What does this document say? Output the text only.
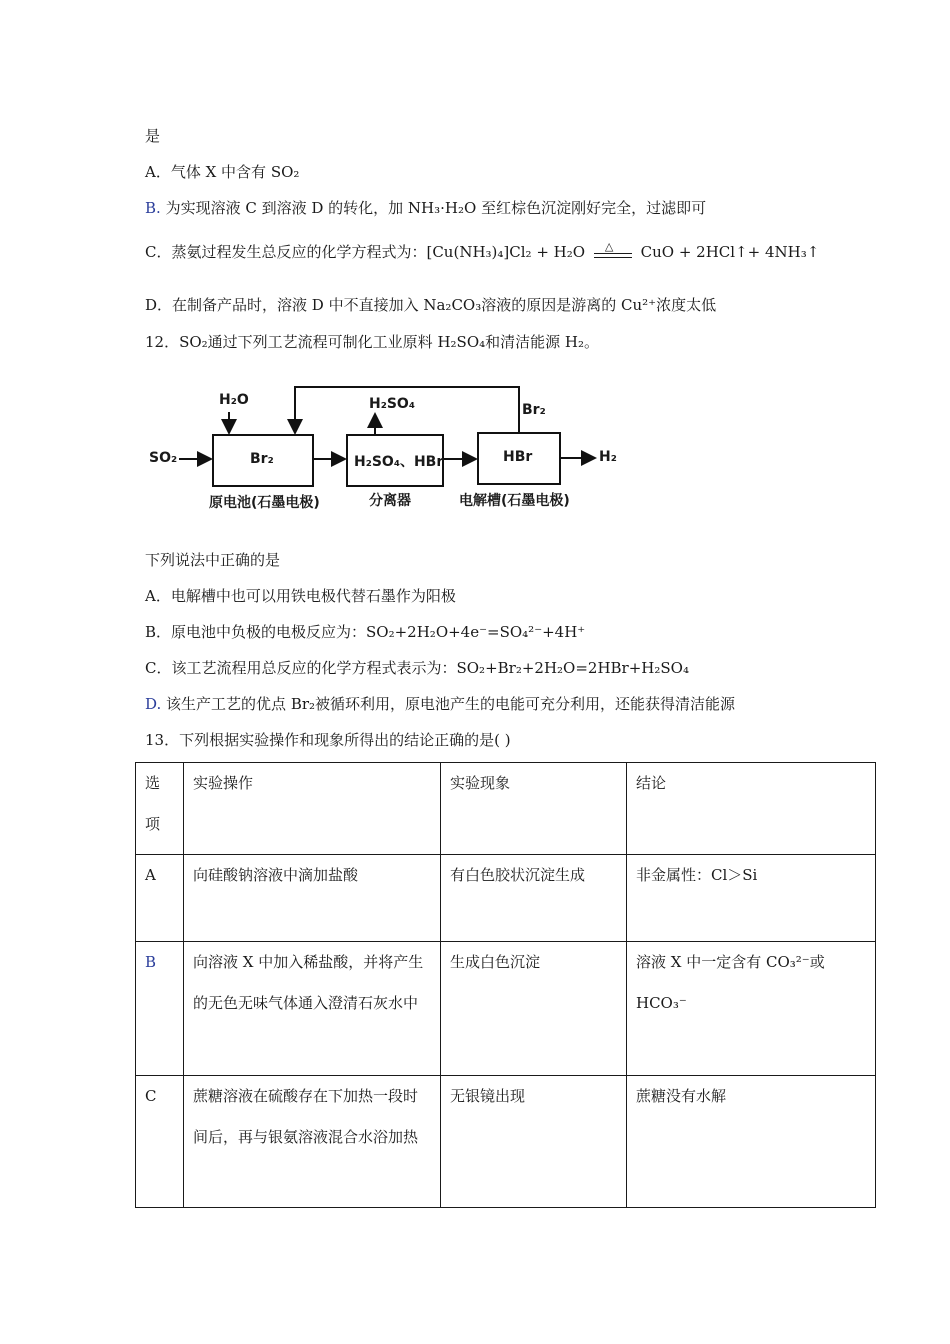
是
A．气体 X 中含有 SO₂
B. 为实现溶液 C 到溶液 D 的转化，加 NH₃·H₂O 至红棕色沉淀刚好完全，过滤即可
C．蒸氨过程发生总反应的化学方程式为：[Cu(NH₃)₄]Cl₂ + H₂O △ CuO + 2HCl↑+ 4NH₃↑
D．在制备产品时，溶液 D 中不直接加入 Na₂CO₃溶液的原因是游离的 Cu²⁺浓度太低
12．SO₂通过下列工艺流程可制化工业原料 H₂SO₄和清洁能源 H₂。
H₂O
SO₂	Br₂
原电池(石墨电极)
H₂SO₄
H₂SO₄、HBr
分离器
Br₂
HBr
电解槽(石墨电极)
H₂
下列说法中正确的是
A．电解槽中也可以用铁电极代替石墨作为阳极
B．原电池中负极的电极反应为：SO₂+2H₂O+4e⁻=SO₄²⁻+4H⁺
C．该工艺流程用总反应的化学方程式表示为：SO₂+Br₂+2H₂O=2HBr+H₂SO₄
D. 该生产工艺的优点 Br₂被循环利用，原电池产生的电能可充分利用，还能获得清洁能源
13．下列根据实验操作和现象所得出的结论正确的是( )
选项	实验操作	实验现象	结论
A	向硅酸钠溶液中滴加盐酸	有白色胶状沉淀生成	非金属性：Cl＞Si
B	向溶液 X 中加入稀盐酸，并将产生的无色无味气体通入澄清石灰水中	生成白色沉淀	溶液 X 中一定含有 CO₃²⁻或 HCO₃⁻
C	蔗糖溶液在硫酸存在下加热一段时间后，再与银氨溶液混合水浴加热	无银镜出现	蔗糖没有水解
